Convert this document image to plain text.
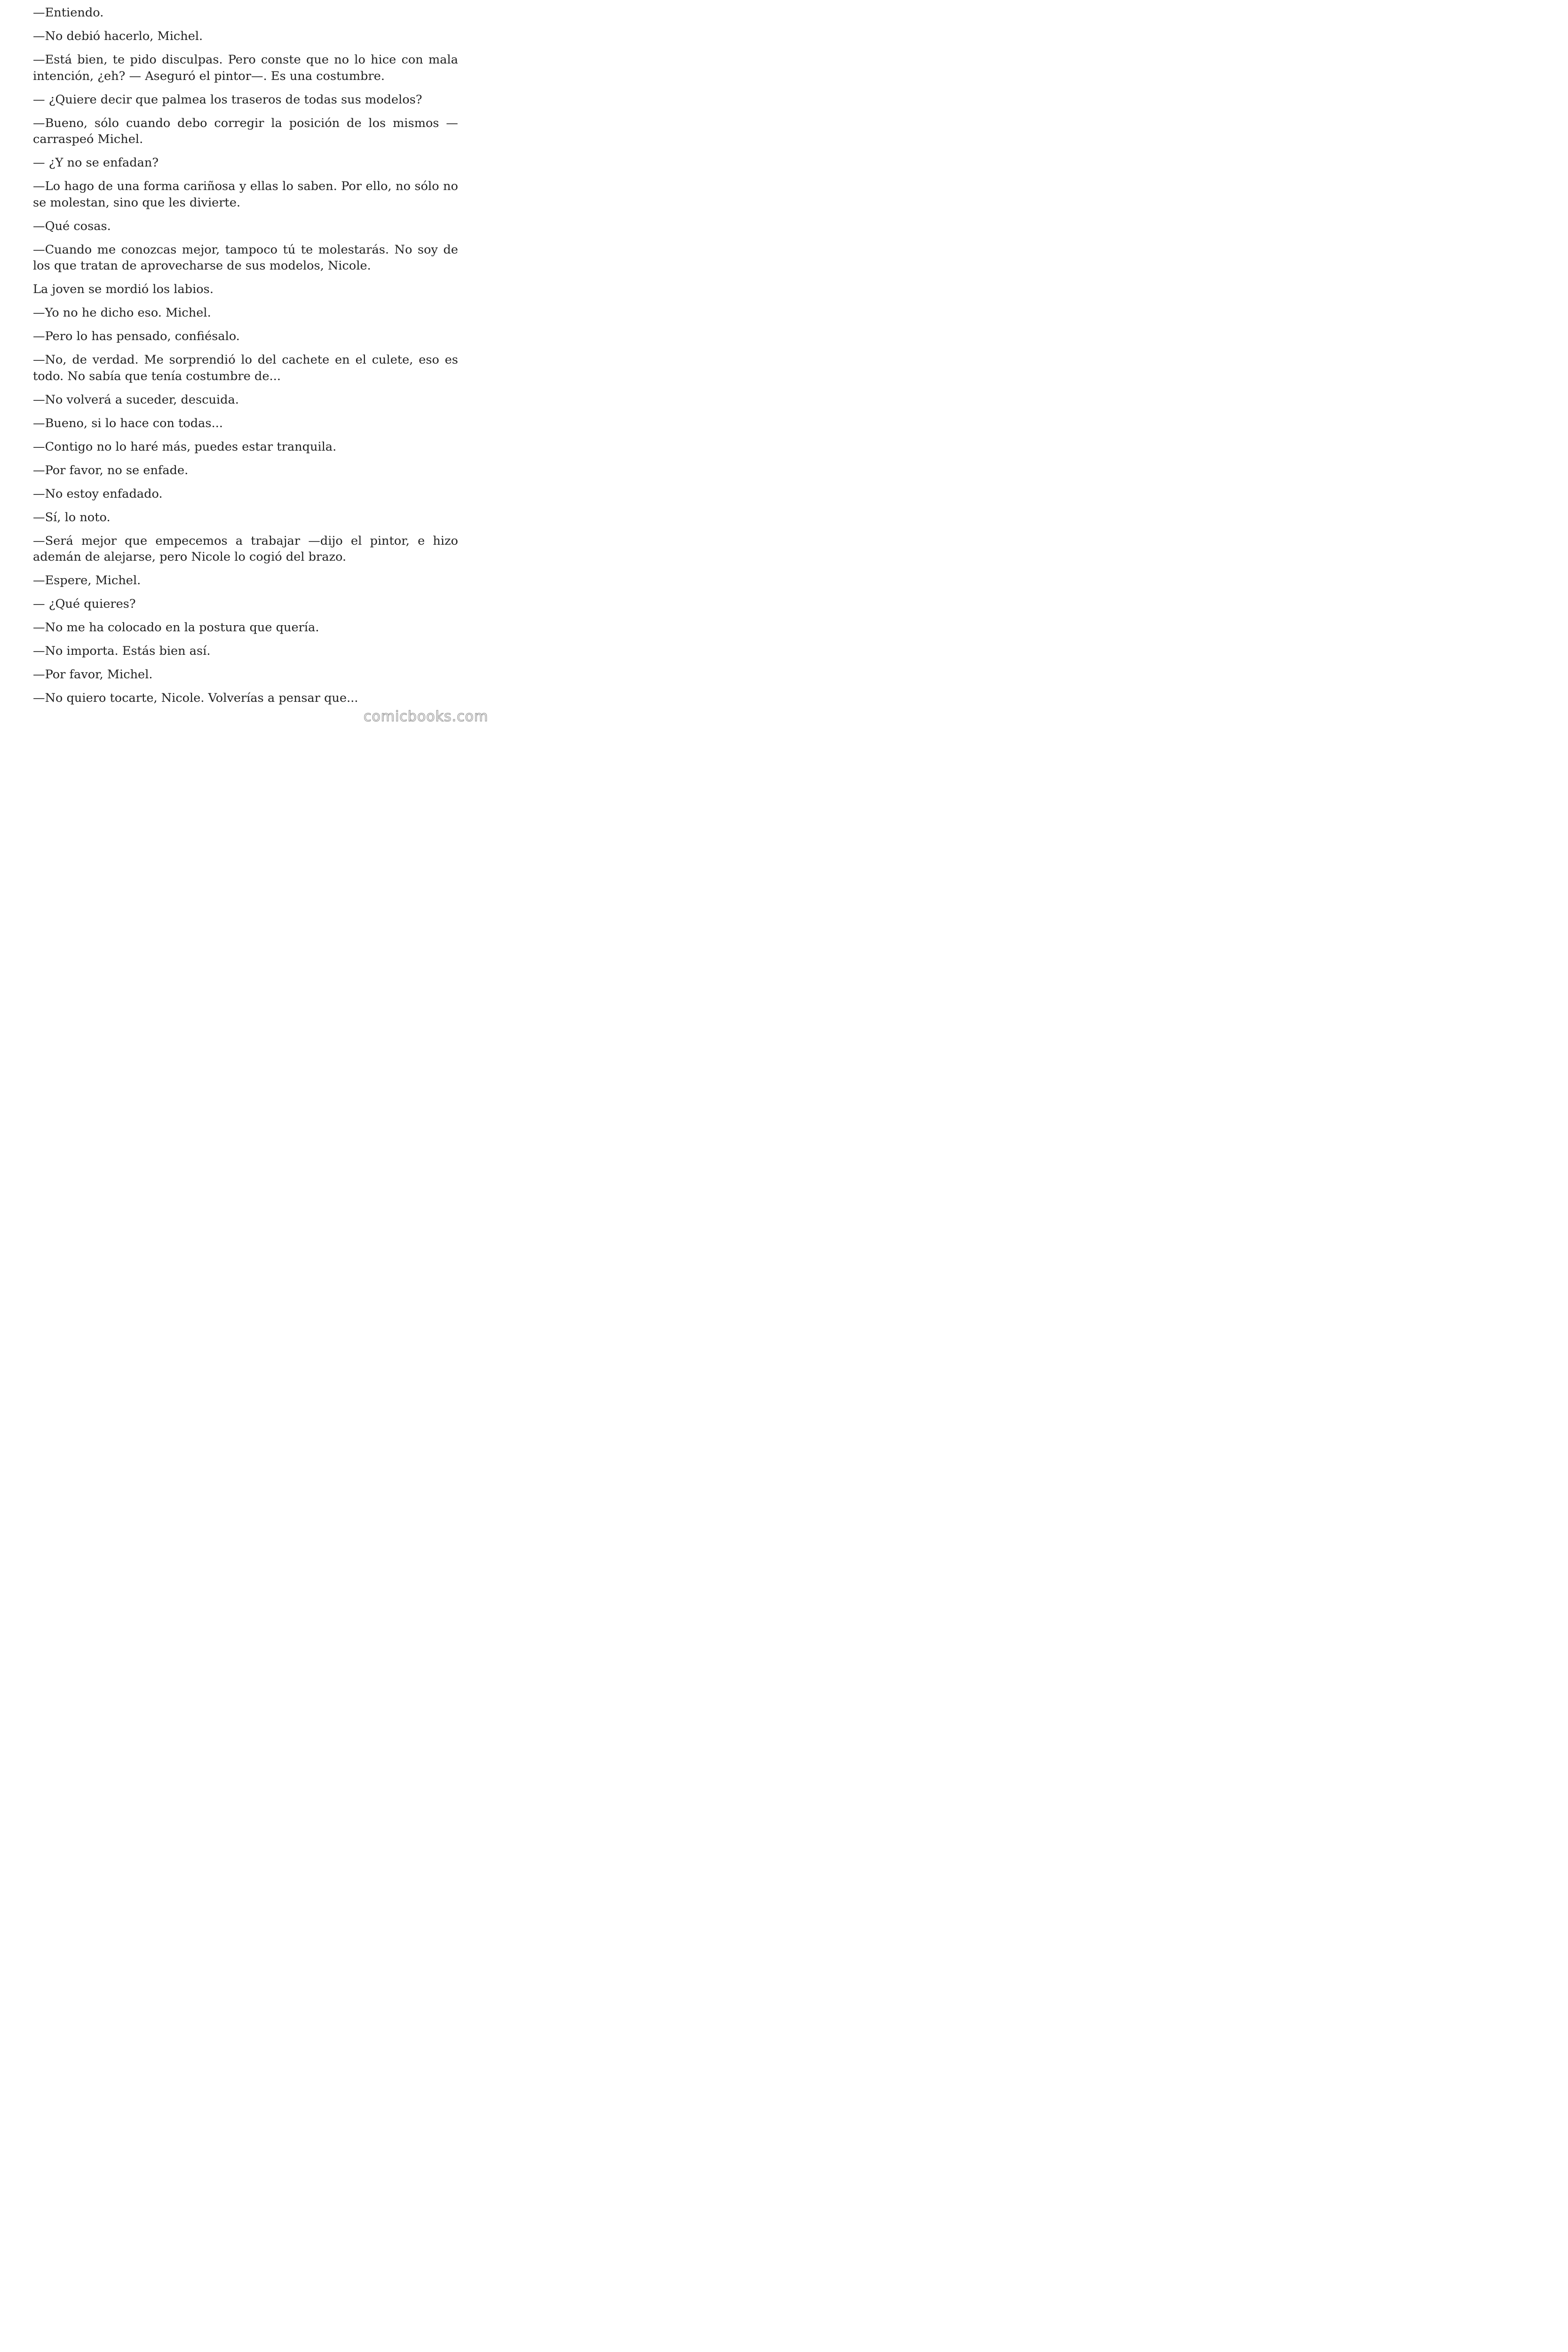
—Entiendo.

—No debió hacerlo, Michel.

—Está bien, te pido disculpas. Pero conste que no lo hice con mala intención, ¿eh? — Aseguró el pintor—. Es una costumbre.

— ¿Quiere decir que palmea los traseros de todas sus modelos?

—Bueno, sólo cuando debo corregir la posición de los mismos — carraspeó Michel.

— ¿Y no se enfadan?

—Lo hago de una forma cariñosa y ellas lo saben. Por ello, no sólo no se molestan, sino que les divierte.

—Qué cosas.

—Cuando me conozcas mejor, tampoco tú te molestarás. No soy de los que tratan de aprovecharse de sus modelos, Nicole.

La joven se mordió los labios.

—Yo no he dicho eso. Michel.

—Pero lo has pensado, confiésalo.

—No, de verdad. Me sorprendió lo del cachete en el culete, eso es todo. No sabía que tenía costumbre de...

—No volverá a suceder, descuida.

—Bueno, si lo hace con todas...

—Contigo no lo haré más, puedes estar tranquila.

—Por favor, no se enfade.

—No estoy enfadado.

—Sí, lo noto.

—Será mejor que empecemos a trabajar —dijo el pintor, e hizo ademán de alejarse, pero Nicole lo cogió del brazo.

—Espere, Michel.

— ¿Qué quieres?

—No me ha colocado en la postura que quería.

—No importa. Estás bien así.

—Por favor, Michel.

—No quiero tocarte, Nicole. Volverías a pensar que...

comicbooks.com
